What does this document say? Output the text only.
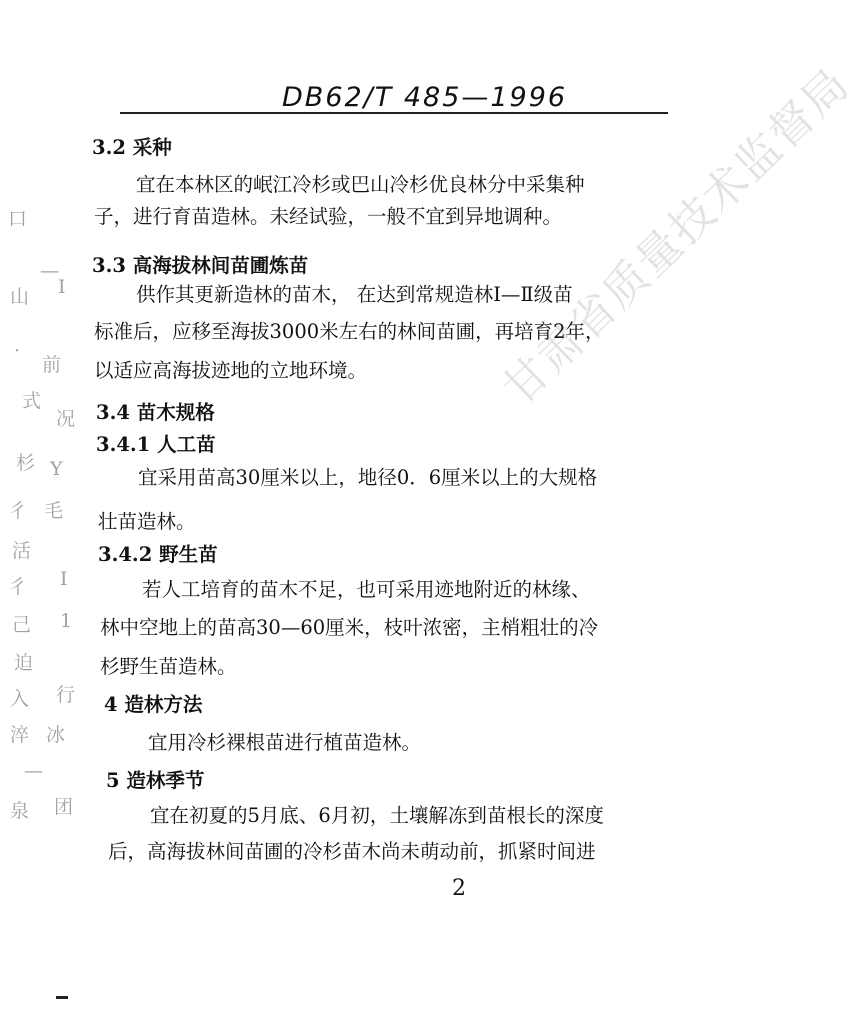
DB62/T 485—1996
口
—
山 I
·
前
式
况
杉 Y
彳 毛
活
彳 Ⅰ
己 1
迫
入 行
淬 冰
—
泉 团
甘肃省质量技术监督局
3.2 采种
宜在本林区的岷江冷杉或巴山冷杉优良林分中采集种
子，进行育苗造林。未经试验，一般不宜到异地调种。
3.3 高海拔林间苗圃炼苗
供作其更新造林的苗木， 在达到常规造林Ⅰ—Ⅱ级苗
标准后，应移至海拔3000米左右的林间苗圃，再培育2年，
以适应高海拔迹地的立地环境。
3.4 苗木规格
3.4.1 人工苗
宜采用苗高30厘米以上，地径0．6厘米以上的大规格
壮苗造林。
3.4.2 野生苗
若人工培育的苗木不足，也可采用迹地附近的林缘、
林中空地上的苗高30—60厘米，枝叶浓密，主梢粗壮的冷
杉野生苗造林。
4 造林方法
宜用冷杉裸根苗进行植苗造林。
5 造林季节
宜在初夏的5月底、6月初，土壤解冻到苗根长的深度
后，高海拔林间苗圃的冷杉苗木尚未萌动前，抓紧时间进
2
